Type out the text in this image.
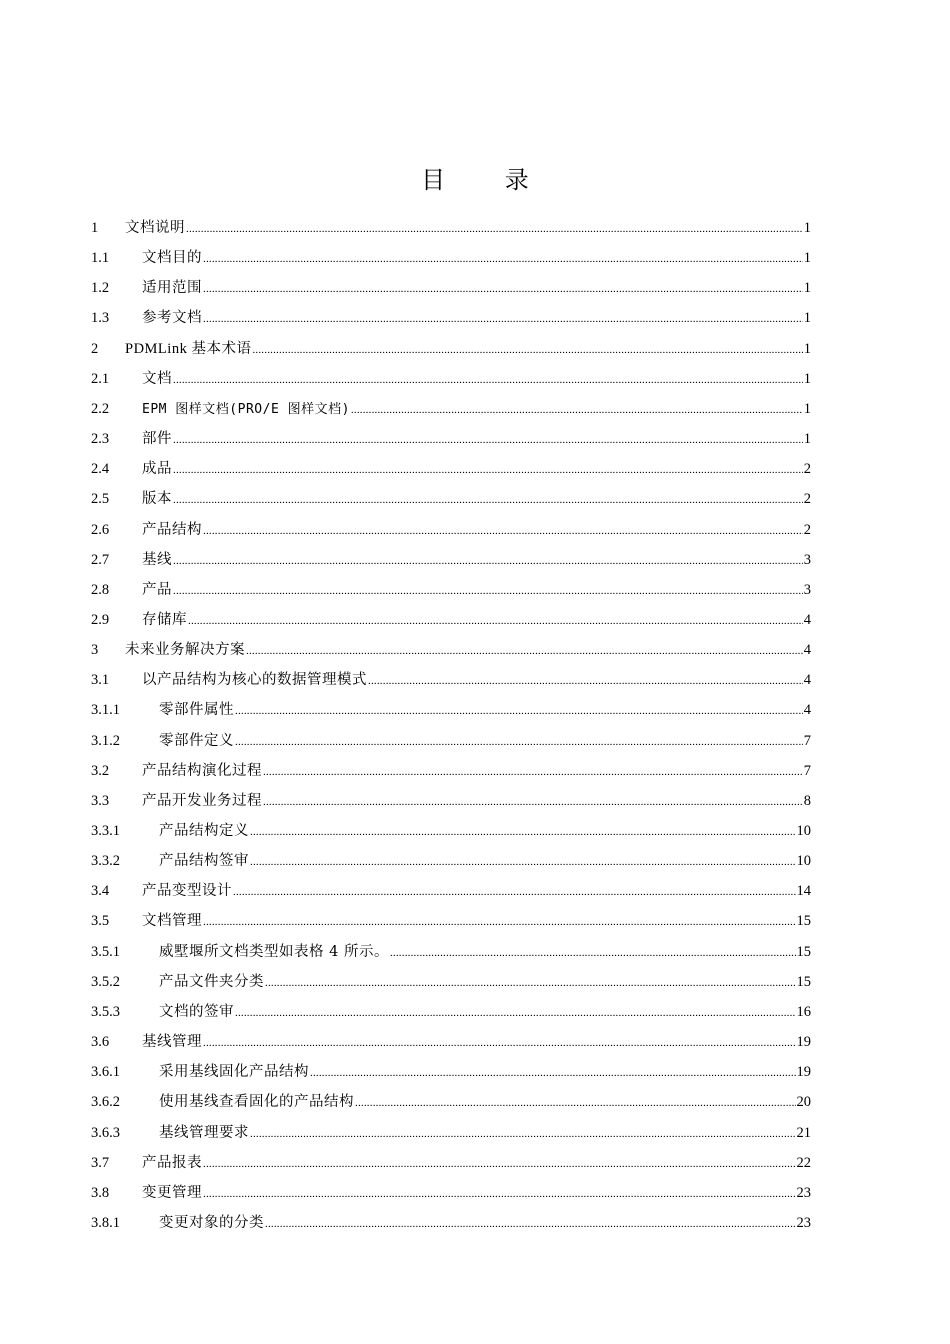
目 录
1	文档说明 .....	1
1.1	文档目的 .....	1
1.2	适用范围 .....	1
1.3	参考文档 .....	1
2	PDMLink 基本术语 .....	1
2.1	文档 .....	1
2.2	EPM 图样文档(PRO/E 图样文档) .....	1
2.3	部件 .....	1
2.4	成品 .....	2
2.5	版本 .....	2
2.6	产品结构 .....	2
2.7	基线 .....	3
2.8	产品 .....	3
2.9	存储库 .....	4
3	未来业务解决方案 .....	4
3.1	以产品结构为核心的数据管理模式 .....	4
3.1.1	零部件属性 .....	4
3.1.2	零部件定义 .....	7
3.2	产品结构演化过程 .....	7
3.3	产品开发业务过程 .....	8
3.3.1	产品结构定义 .....	10
3.3.2	产品结构签审 .....	10
3.4	产品变型设计 .....	14
3.5	文档管理 .....	15
3.5.1	威墅堰所文档类型如表格 4 所示。 .....	15
3.5.2	产品文件夹分类 .....	15
3.5.3	文档的签审 .....	16
3.6	基线管理 .....	19
3.6.1	采用基线固化产品结构 .....	19
3.6.2	使用基线查看固化的产品结构 .....	20
3.6.3	基线管理要求 .....	21
3.7	产品报表 .....	22
3.8	变更管理 .....	23
3.8.1	变更对象的分类 .....	23
